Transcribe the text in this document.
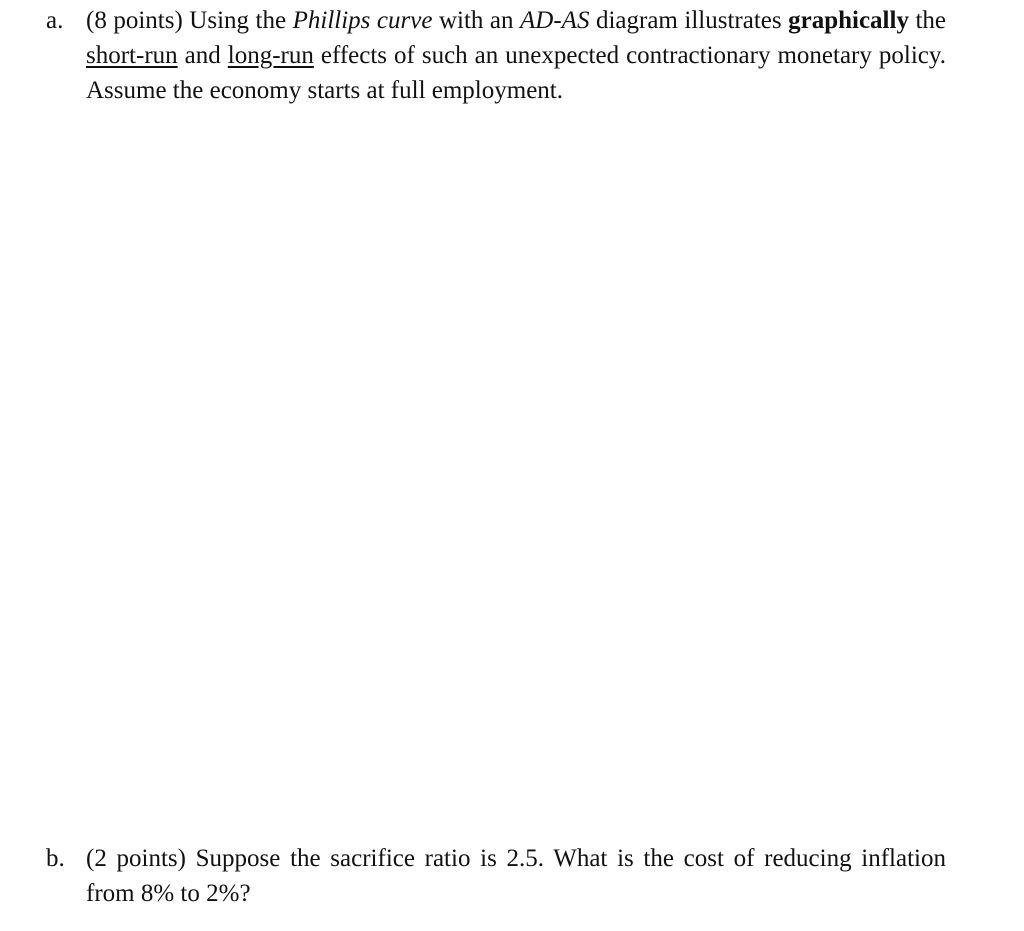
a. (8 points) Using the Phillips curve with an AD-AS diagram illustrates graphically the short-run and long-run effects of such an unexpected contractionary monetary policy. Assume the economy starts at full employment.
b. (2 points) Suppose the sacrifice ratio is 2.5. What is the cost of reducing inflation from 8% to 2%?
